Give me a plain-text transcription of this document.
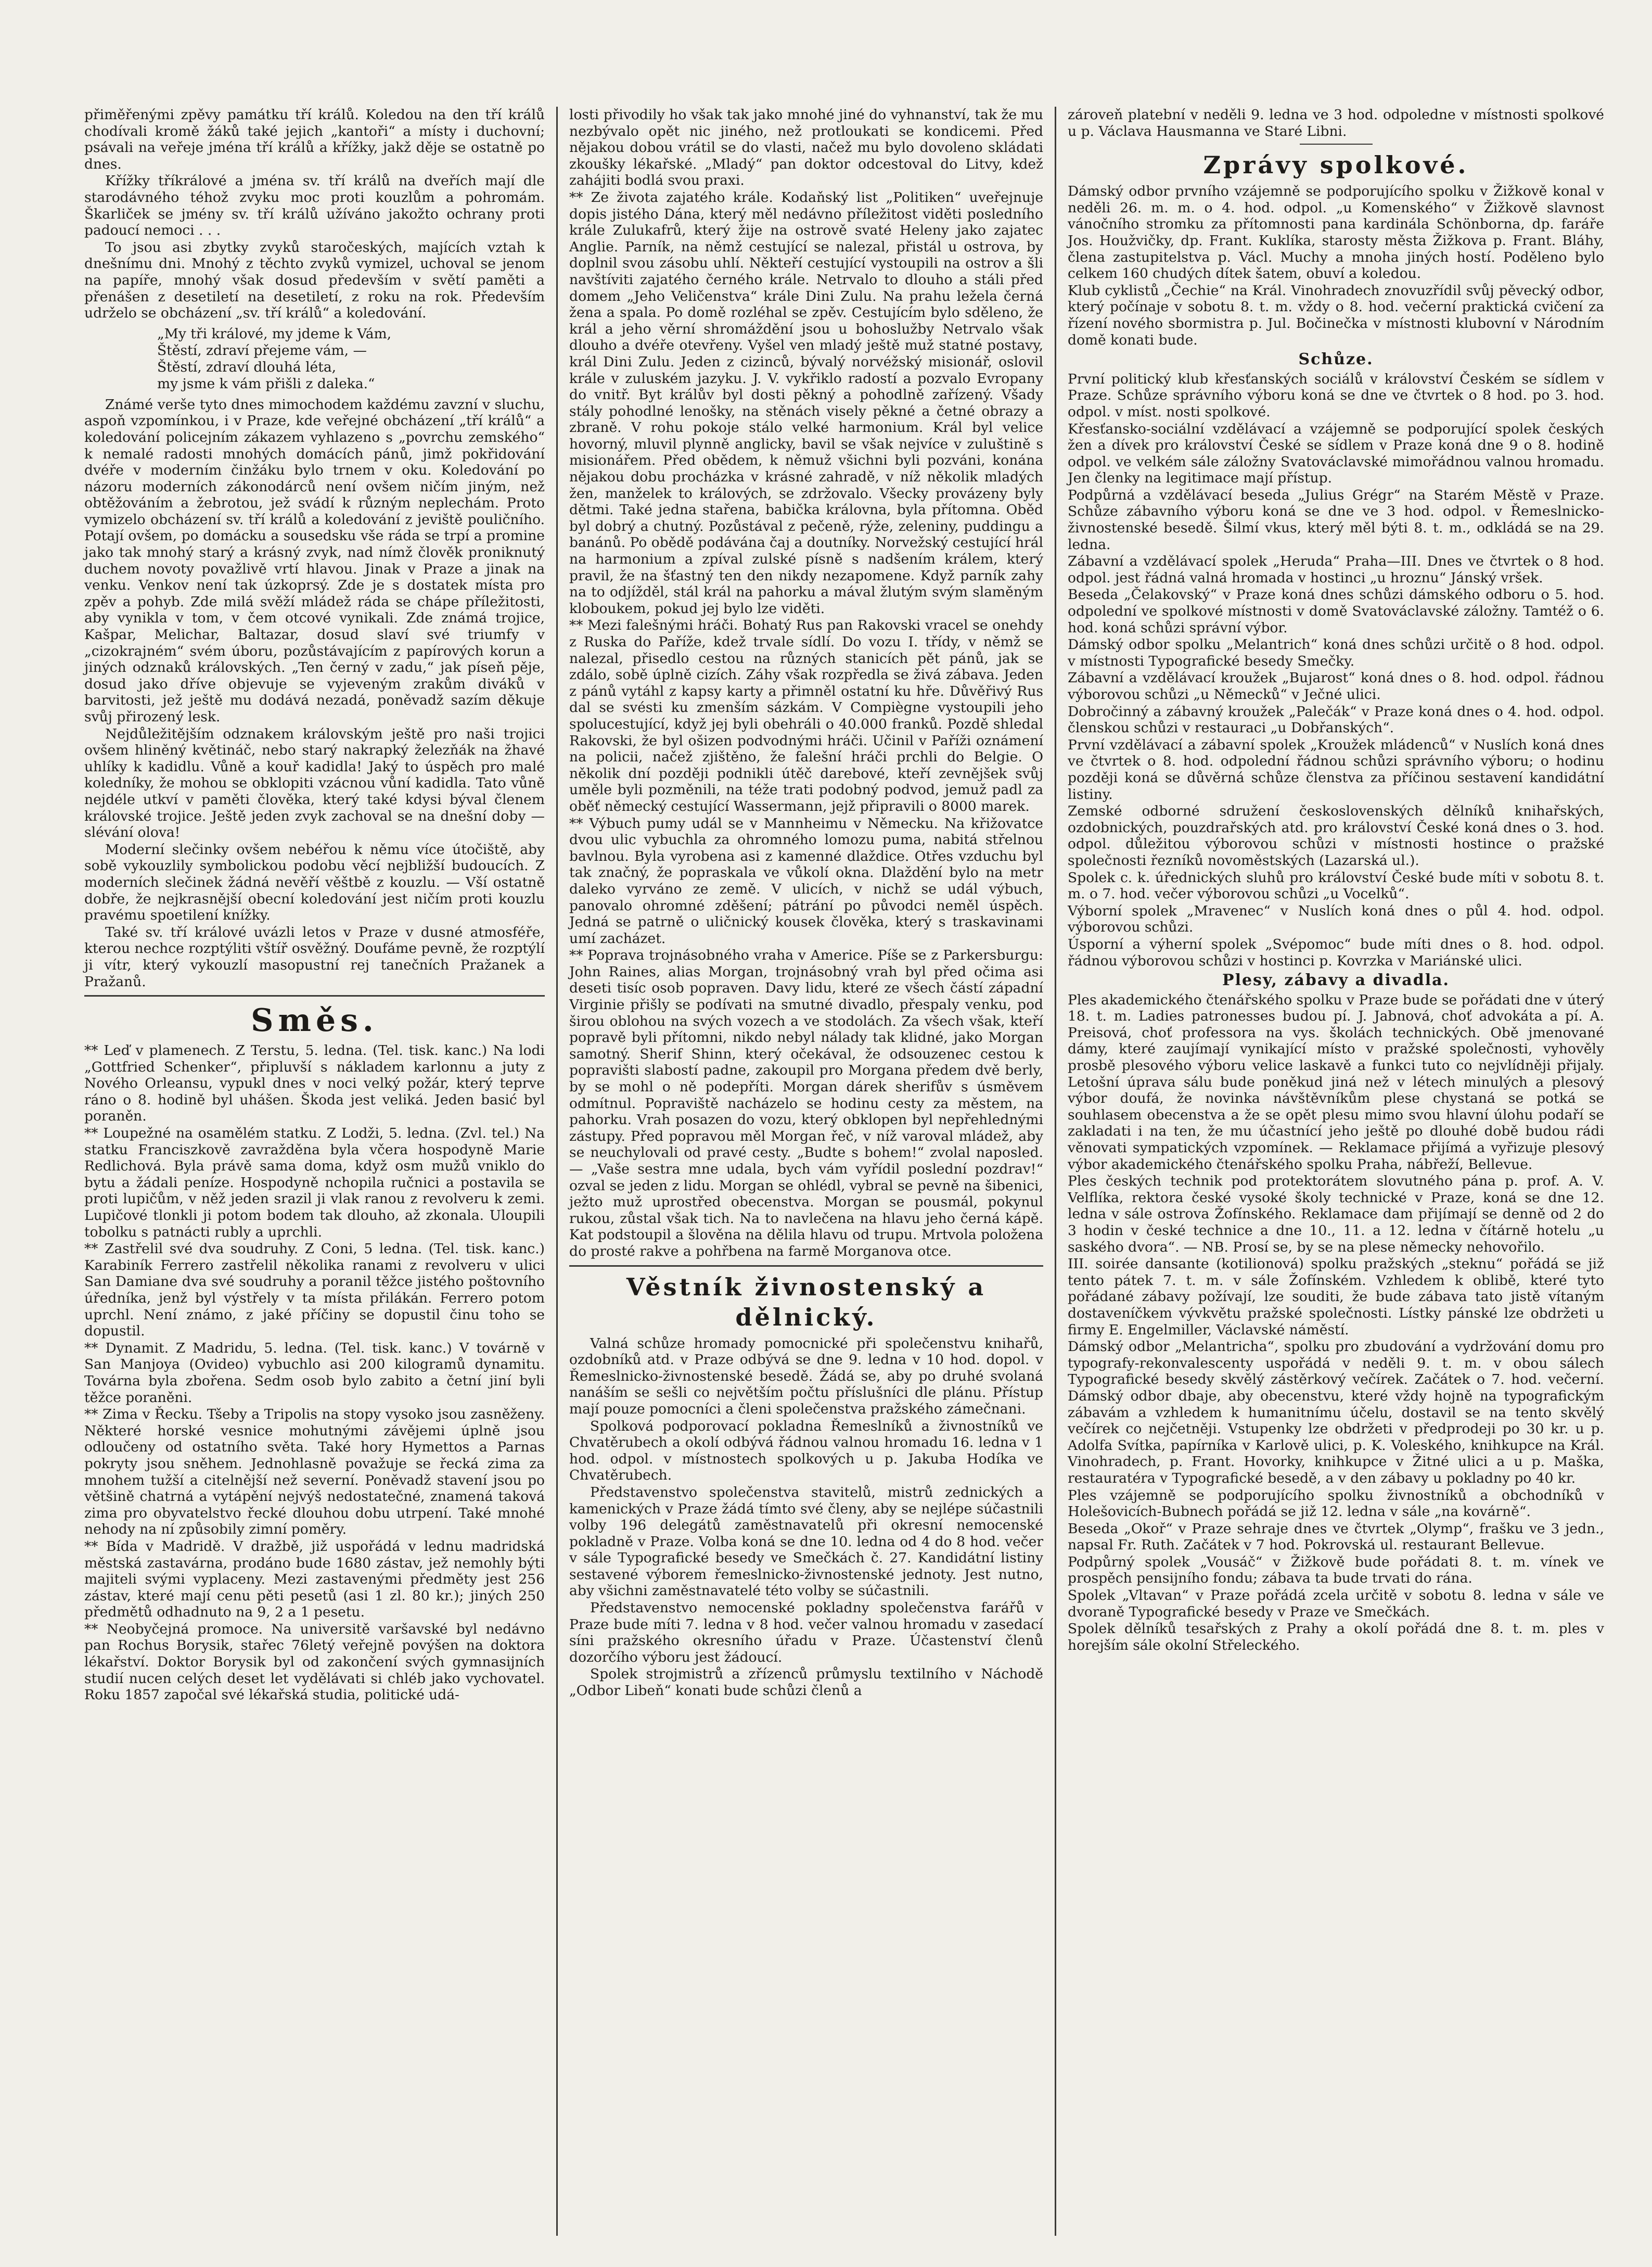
přiměřenými zpěvy památku tří králů. Koledou na den tří králů chodívali kromě žáků také jejich „kantoři“ a místy i duchovní; psávali na veřeje jména tří králů a křížky, jakž děje se ostatně po dnes.

Křížky tříkrálové a jména sv. tří králů na dveřích mají dle starodávného téhož zvyku moc proti kouzlům a pohromám. Škarliček se jmény sv. tří králů užíváno jakožto ochrany proti padoucí nemoci . . .

To jsou asi zbytky zvyků staročeských, majících vztah k dnešnímu dni. Mnohý z těchto zvyků vymizel, uchoval se jenom na papíře, mnohý však dosud především v světí paměti a přenášen z desetiletí na desetiletí, z roku na rok. Především udrželo se obcházení „sv. tří králů“ a koledování.

„My tři králové, my jdeme k Vám,
Štěstí, zdraví přejeme vám, —
Štěstí, zdraví dlouhá léta,
my jsme k vám přišli z daleka.“

Známé verše tyto dnes mimochodem každému zavzní v sluchu, aspoň vzpomínkou, i v Praze, kde veřejné obcházení „tří králů“ a koledování policejním zákazem vyhlazeno s „povrchu zemského“ k nemalé radosti mnohých domácích pánů, jimž pokřidování dvéře v moderním činžáku bylo trnem v oku. Koledování po názoru moderních zákonodárců není ovšem ničím jiným, než obtěžováním a žebrotou, jež svádí k různým neplechám. Proto vymizelo obcházení sv. tří králů a koledování z jeviště pouličního. Potají ovšem, po domácku a sousedsku vše ráda se trpí a promine jako tak mnohý starý a krásný zvyk, nad nímž člověk proniknutý duchem novoty považlivě vrtí hlavou. Jinak v Praze a jinak na venku. Venkov není tak úzkoprsý. Zde je s dostatek místa pro zpěv a pohyb. Zde milá svěží mládež ráda se chápe příležitosti, aby vynikla v tom, v čem otcové vynikali. Zde známá trojice, Kašpar, Melichar, Baltazar, dosud slaví své triumfy v „cizokrajném“ svém úboru, pozůstávajícím z papírových korun a jiných odznaků královských. „Ten černý v zadu,“ jak píseň pěje, dosud jako dříve objevuje se vyjeveným zrakům diváků v barvitosti, jež ještě mu dodává nezadá, poněvadž sazím děkuje svůj přirozený lesk.

Nejdůležitějším odznakem královským ještě pro naši trojici ovšem hliněný květináč, nebo starý nakrapký železňák na žhavé uhlíky k kadidlu. Vůně a kouř kadidla! Jaký to úspěch pro malé koledníky, že mohou se obklopiti vzácnou vůní kadidla. Tato vůně nejdéle utkví v paměti člověka, který také kdysi býval členem královské trojice. Ještě jeden zvyk zachoval se na dnešní doby — slévání olova!

Moderní slečinky ovšem nebéřou k němu více útočiště, aby sobě vykouzlily symbolickou podobu věcí nejbližší budoucích. Z moderních slečinek žádná nevěří věštbě z kouzlu. — Vší ostatně dobře, že nejkrasnější obecní koledování jest ničím proti kouzlu pravému spoetilení knížky.

Také sv. tří králové uvázli letos v Praze v dusné atmosféře, kterou nechce rozptýliti vštíř osvěžný. Doufáme pevně, že rozptýlí ji vítr, který vykouzlí masopustní rej tanečních Pražanek a Pražanů.

Směs.

** Leď v plamenech. Z Terstu, 5. ledna. (Tel. tisk. kanc.) Na lodi „Gottfried Schenker“, připluvší s nákladem karlonnu a juty z Nového Orleansu, vypukl dnes v noci velký požár, který teprve ráno o 8. hodině byl uhášen. Škoda jest veliká. Jeden basić byl poraněn.

** Loupežné na osamělém statku. Z Lodži, 5. ledna. (Zvl. tel.) Na statku Franciszkově zavražděna byla včera hospodyně Marie Redlichová. Byla právě sama doma, když osm mužů vniklo do bytu a žádali peníze. Hospodyně nchopila ručnici a postavila se proti lupičům, v něž jeden srazil ji vlak ranou z revolveru k zemi. Lupičové tlonkli ji potom bodem tak dlouho, až zkonala. Uloupili tobolku s patnácti rubly a uprchli.

** Zastřelil své dva soudruhy. Z Coni, 5 ledna. (Tel. tisk. kanc.) Karabiník Ferrero zastřelil několika ranami z revolveru v ulici San Damiane dva své soudruhy a poranil těžce jistého poštovního úředníka, jenž byl výstřely v ta místa přilákán. Ferrero potom uprchl. Není známo, z jaké příčiny se dopustil činu toho se dopustil.

** Dynamit. Z Madridu, 5. ledna. (Tel. tisk. kanc.) V továrně v San Manjoya (Ovideo) vybuchlo asi 200 kilogramů dynamitu. Továrna byla zbořena. Sedm osob bylo zabito a četní jiní byli těžce poraněni.

** Zima v Řecku. Tšeby a Tripolis na stopy vysoko jsou zasněženy. Některé horské vesnice mohutnými závějemi úplně jsou odloučeny od ostatního světa. Také hory Hymettos a Parnas pokryty jsou sněhem. Jednohlasně považuje se řecká zima za mnohem tužší a citelnější než severní. Poněvadž stavení jsou po většině chatrná a vytápění nejvýš nedostatečné, znamená taková zima pro obyvatelstvo řecké dlouhou dobu utrpení. Také mnohé nehody na ní způsobily zimní poměry.

** Bída v Madridě. V dražbě, již uspořádá v lednu madridská městská zastavárna, prodáno bude 1680 zástav, jež nemohly býti majiteli svými vyplaceny. Mezi zastavenými předměty jest 256 zástav, které mají cenu pěti pesetů (asi 1 zl. 80 kr.); jiných 250 předmětů odhadnuto na 9, 2 a 1 pesetu.

** Neobyčejná promoce. Na universitě varšavské byl nedávno pan Rochus Borysik, stařec 76letý veřejně povýšen na doktora lékařství. Doktor Borysik byl od zakončení svých gymnasijních studií nucen celých deset let vydělávati si chléb jako vychovatel. Roku 1857 započal své lékařská studia, politické udá-

losti přivodily ho však tak jako mnohé jiné do vyhnanství, tak že mu nezbývalo opět nic jiného, než protloukati se kondicemi. Před nějakou dobou vrátil se do vlasti, načež mu bylo dovoleno skládati zkoušky lékařské. „Mladý“ pan doktor odcestoval do Litvy, kdež zahájiti bodlá svou praxi.

** Ze života zajatého krále. Kodaňský list „Politiken“ uveřejnuje dopis jistého Dána, který měl nedávno příležitost viděti posledního krále Zulukafrů, který žije na ostrově svaté Heleny jako zajatec Anglie. Parník, na němž cestující se nalezal, přistál u ostrova, by doplnil svou zásobu uhlí. Někteří cestující vystoupili na ostrov a šli navštíviti zajatého černého krále. Netrvalo to dlouho a stáli před domem „Jeho Veličenstva“ krále Dini Zulu. Na prahu ležela černá žena a spala. Po domě rozléhal se zpěv. Cestujícím bylo sděleno, že král a jeho věrní shromáždění jsou u bohoslužby Netrvalo však dlouho a dvéře otevřeny. Vyšel ven mladý ještě muž statné postavy, král Dini Zulu. Jeden z cizinců, bývalý norvéžský misionář, oslovil krále v zuluském jazyku. J. V. vykřiklo radostí a pozvalo Evropany do vnitř. Byt králův byl dosti pěkný a pohodlně zařízený. Všady stály pohodlné lenošky, na stěnách visely pěkné a četné obrazy a zbraně. V rohu pokoje stálo velké harmonium. Král byl velice hovorný, mluvil plynně anglicky, bavil se však nejvíce v zuluštině s misionářem. Před obědem, k němuž všichni byli pozváni, konána nějakou dobu procházka v krásné zahradě, v níž několik mladých žen, manželek to králových, se zdržovalo. Všecky provázeny byly dětmi. Také jedna stařena, babička královna, byla přítomna. Oběd byl dobrý a chutný. Pozůstával z pečeně, rýže, zeleniny, puddingu a banánů. Po obědě podávána čaj a doutníky. Norvežský cestující hrál na harmonium a zpíval zulské písně s nadšením králem, který pravil, že na šťastný ten den nikdy nezapomene. Když parník zahy na to odjížděl, stál král na pahorku a mával žlutým svým slaměným kloboukem, pokud jej bylo lze viděti.

** Mezi falešnými hráči. Bohatý Rus pan Rakovski vracel se onehdy z Ruska do Paříže, kdež trvale sídlí. Do vozu I. třídy, v němž se nalezal, přisedlo cestou na různých stanicích pět pánů, jak se zdálo, sobě úplně cizích. Záhy však rozpředla se živá zábava. Jeden z pánů vytáhl z kapsy karty a přimněl ostatní ku hře. Důvěřivý Rus dal se svésti ku zmenším sázkám. V Compiègne vystoupili jeho spolucestující, když jej byli obehráli o 40.000 franků. Pozdě shledal Rakovski, že byl ošizen podvodnými hráči. Učinil v Paříži oznámení na policii, načež zjištěno, že falešní hráči prchli do Belgie. O několik dní později podnikli útěč darebové, kteří zevnějšek svůj uměle byli pozměnili, na téže trati podobný podvod, jemuž padl za oběť německý cestující Wassermann, jejž připravili o 8000 marek.

** Výbuch pumy udál se v Mannheimu v Německu. Na křižovatce dvou ulic vybuchla za ohromného lomozu puma, nabitá střelnou bavlnou. Byla vyrobena asi z kamenné dlaždice. Otřes vzduchu byl tak značný, že popraskala ve vůkolí okna. Dlaždění bylo na metr daleko vyrváno ze země. V ulicích, v nichž se udál výbuch, panovalo ohromné zděšení; pátrání po původci neměl úspěch. Jedná se patrně o uličnický kousek člověka, který s traskavinami umí zacházet.

** Poprava trojnásobného vraha v Americe. Píše se z Parkersburgu: John Raines, alias Morgan, trojnásobný vrah byl před očima asi deseti tisíc osob popraven. Davy lidu, které ze všech částí západní Virginie přišly se podívati na smutné divadlo, přespaly venku, pod širou oblohou na svých vozech a ve stodolách. Za všech však, kteří popravě byli přítomni, nikdo nebyl nálady tak klidné, jako Morgan samotný. Sherif Shinn, který očekával, že odsouzenec cestou k popravišti slabostí padne, zakoupil pro Morgana předem dvě berly, by se mohl o ně podepříti. Morgan dárek sherifův s úsměvem odmítnul. Popraviště nacházelo se hodinu cesty za městem, na pahorku. Vrah posazen do vozu, který obklopen byl nepřehlednými zástupy. Před popravou měl Morgan řeč, v níž varoval mládež, aby se neuchylovali od pravé cesty. „Budte s bohem!“ zvolal naposled. — „Vaše sestra mne udala, bych vám vyřídil poslední pozdrav!“ ozval se jeden z lidu. Morgan se ohlédl, vybral se pevně na šibenici, ježto muž uprostřed obecenstva. Morgan se pousmál, pokynul rukou, zůstal však tich. Na to navlečena na hlavu jeho černá kápě. Kat podstoupil a šlověna na dělila hlavu od trupu. Mrtvola položena do prosté rakve a pohřbena na farmě Morganova otce.

Věstník živnostenský a dělnický.

Valná schůze hromady pomocnické při společenstvu knihařů, ozdobníků atd. v Praze odbývá se dne 9. ledna v 10 hod. dopol. v Řemeslnicko-živnostenské besedě. Žádá se, aby po druhé svolaná nanáším se sešli co největším počtu příslušníci dle plánu. Přístup mají pouze pomocníci a členi společenstva pražského zámečnani.

Spolková podporovací pokladna Řemeslníků a živnostníků ve Chvatěrubech a okolí odbývá řádnou valnou hromadu 16. ledna v 1 hod. odpol. v místnostech spolkových u p. Jakuba Hodíka ve Chvatěrubech.

Představenstvo společenstva stavitelů, mistrů zednických a kamenických v Praze žádá tímto své členy, aby se nejlépe súčastnili volby 196 delegátů zaměstnavatelů při okresní nemocenské pokladně v Praze. Volba koná se dne 10. ledna od 4 do 8 hod. večer v sále Typografické besedy ve Smečkách č. 27. Kandidátní listiny sestavené výborem řemeslnicko-živnostenské jednoty. Jest nutno, aby všichni zaměstnavatelé této volby se súčastnili.

Představenstvo nemocenské pokladny společenstva farářů v Praze bude míti 7. ledna v 8 hod. večer valnou hromadu v zasedací síni pražského okresního úřadu v Praze. Účastenství členů dozorčího výboru jest žádoucí.

Spolek strojmistrů a zřízenců průmyslu textilního v Náchodě „Odbor Libeň“ konati bude schůzi členů a

zároveň platební v neděli 9. ledna ve 3 hod. odpoledne v místnosti spolkové u p. Václava Hausmanna ve Staré Libni.

Zprávy spolkové.

Dámský odbor prvního vzájemně se podporujícího spolku v Žižkově konal v neděli 26. m. m. o 4. hod. odpol. „u Komenského“ v Žižkově slavnost vánočního stromku za přítomnosti pana kardinála Schönborna, dp. faráře Jos. Houžvičky, dp. Frant. Kuklíka, starosty města Žižkova p. Frant. Bláhy, člena zastupitelstva p. Václ. Muchy a mnoha jiných hostí. Poděleno bylo celkem 160 chudých dítek šatem, obuví a koledou.

Klub cyklistů „Čechie“ na Král. Vinohradech znovuzřídil svůj pěvecký odbor, který počínaje v sobotu 8. t. m. vždy o 8. hod. večerní praktická cvičení za řízení nového sbormistra p. Jul. Bočinečka v místnosti klubovní v Národním domě konati bude.

Schůze.

První politický klub křesťanských sociálů v království Českém se sídlem v Praze. Schůze správního výboru koná se dne ve čtvrtek o 8 hod. po 3. hod. odpol. v míst. nosti spolkové.

Křesťansko-sociální vzdělávací a vzájemně se podporující spolek českých žen a dívek pro království České se sídlem v Praze koná dne 9 o 8. hodině odpol. ve velkém sále záložny Svatováclavské mimořádnou valnou hromadu. Jen členky na legitimace mají přístup.

Podpůrná a vzdělávací beseda „Julius Grégr“ na Starém Městě v Praze. Schůze zábavního výboru koná se dne ve 3 hod. odpol. v Řemeslnicko-živnostenské besedě. Šilmí vkus, který měl býti 8. t. m., odkládá se na 29. ledna.

Zábavní a vzdělávací spolek „Heruda“ Praha—III. Dnes ve čtvrtek o 8 hod. odpol. jest řádná valná hromada v hostinci „u hroznu“ Jánský vršek.

Beseda „Čelakovský“ v Praze koná dnes schůzi dámského odboru o 5. hod. odpolední ve spolkové místnosti v domě Svatováclavské záložny. Tamtéž o 6. hod. koná schůzi správní výbor.

Dámský odbor spolku „Melantrich“ koná dnes schůzi určitě o 8 hod. odpol. v místnosti Typografické besedy Smečky.

Zábavní a vzdělávací kroužek „Bujarost“ koná dnes o 8. hod. odpol. řádnou výborovou schůzi „u Německů“ v Ječné ulici.

Dobročinný a zábavný kroužek „Palečák“ v Praze koná dnes o 4. hod. odpol. členskou schůzi v restauraci „u Dobřanských“.

První vzdělávací a zábavní spolek „Kroužek mládenců“ v Nuslích koná dnes ve čtvrtek o 8. hod. odpolední řádnou schůzi správního výboru; o hodinu později koná se důvěrná schůze členstva za příčinou sestavení kandidátní listiny.

Zemské odborné sdružení československých dělníků knihařských, ozdobnických, pouzdrařských atd. pro království České koná dnes o 3. hod. odpol. důležitou výborovou schůzi v místnosti hostince o pražské společnosti řezníků novoměstských (Lazarská ul.).

Spolek c. k. úřednických sluhů pro království České bude míti v sobotu 8. t. m. o 7. hod. večer výborovou schůzi „u Vocelků“.

Výborní spolek „Mravenec“ v Nuslích koná dnes o půl 4. hod. odpol. výborovou schůzi.

Úsporní a výherní spolek „Svépomoc“ bude míti dnes o 8. hod. odpol. řádnou výborovou schůzi v hostinci p. Kovrzka v Mariánské ulici.

Plesy, zábavy a divadla.

Ples akademického čtenářského spolku v Praze bude se pořádati dne v úterý 18. t. m. Ladies patronesses budou pí. J. Jabnová, choť advokáta a pí. A. Preisová, choť professora na vys. školách technických. Obě jmenované dámy, které zaujímají vynikající místo v pražské společnosti, vyhověly prosbě plesového výboru velice laskavě a funkci tuto co nejvlídněji přijaly. Letošní úprava sálu bude poněkud jiná než v létech minulých a plesový výbor doufá, že novinka návštěvníkům plese chystaná se potká se souhlasem obecenstva a že se opět plesu mimo svou hlavní úlohu podaří se zakladati i na ten, že mu účastnící jeho ještě po dlouhé době budou rádi věnovati sympatických vzpomínek. — Reklamace přijímá a vyřizuje plesový výbor akademického čtenářského spolku Praha, nábřeží, Bellevue.

Ples českých technik pod protektorátem slovutného pána p. prof. A. V. Velflíka, rektora české vysoké školy technické v Praze, koná se dne 12. ledna v sále ostrova Žofínského. Reklamace dam přijímají se denně od 2 do 3 hodin v české technice a dne 10., 11. a 12. ledna v čítárně hotelu „u saského dvora“. — NB. Prosí se, by se na plese německy nehovořilo.

III. soirée dansante (kotilionová) spolku pražských „steknu“ pořádá se již tento pátek 7. t. m. v sále Žofínském. Vzhledem k oblibě, které tyto pořádané zábavy požívají, lze souditi, že bude zábava tato jistě vítaným dostaveníčkem vývkvětu pražské společnosti. Lístky pánské lze obdržeti u firmy E. Engelmiller, Václavské náměstí.

Dámský odbor „Melantricha“, spolku pro zbudování a vydržování domu pro typografy-rekonvalescenty uspořádá v neděli 9. t. m. v obou sálech Typografické besedy skvělý zástěrkový večírek. Začátek o 7. hod. večerní. Dámský odbor dbaje, aby obecenstvu, které vždy hojně na typografickým zábavám a vzhledem k humanitnímu účelu, dostavil se na tento skvělý večírek co nejčetněji. Vstupenky lze obdržeti v předprodeji po 30 kr. u p. Adolfa Svítka, papírníka v Karlově ulici, p. K. Voleského, knihkupce na Král. Vinohradech, p. Frant. Hovorky, knihkupce v Žitné ulici a u p. Maška, restauratéra v Typografické besedě, a v den zábavy u pokladny po 40 kr.

Ples vzájemně se podporujícího spolku živnostníků a obchodníků v Holešovicích-Bubnech pořádá se již 12. ledna v sále „na kovárně“.

Beseda „Okoř“ v Praze sehraje dnes ve čtvrtek „Olymp“, frašku ve 3 jedn., napsal Fr. Ruth. Začátek v 7 hod. Pokrovská ul. restaurant Bellevue.

Podpůrný spolek „Vousáč“ v Žižkově bude pořádati 8. t. m. vínek ve prospěch pensijního fondu; zábava ta bude trvati do rána.

Spolek „Vltavan“ v Praze pořádá zcela určitě v sobotu 8. ledna v sále ve dvoraně Typografické besedy v Praze ve Smečkách.

Spolek dělníků tesařských z Prahy a okolí pořádá dne 8. t. m. ples v horejším sále okolní Střeleckého.
